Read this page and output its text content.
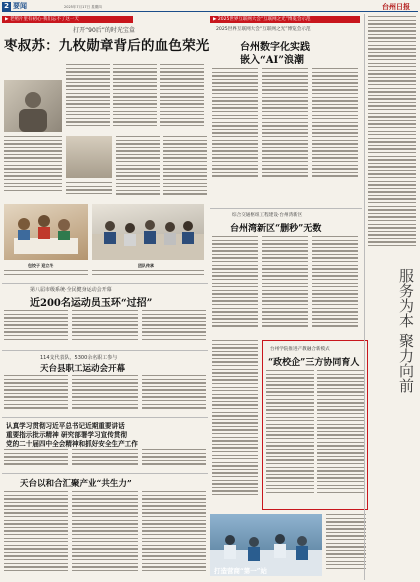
2 要闻	2025年7月17日 星期四	台州日报
▶ 老照片里有初心·我们忘不了这一天
打开“90后”的时光宝盒
枣叔苏：九枚勋章背后的血色荣光
包饺子 迎立冬	团队传承
第八届市级系统·全民健身运动会开幕
近200名运动员玉环“过招”
114支代表队、5300余名职工参与
天台县职工运动会开幕
认真学习贯彻习近平总书记近期重要讲话
重要指示批示精神 研究部署学习宣传贯彻
党的二十届四中全会精神和抓好安全生产工作
天台以和合汇聚产业“共生力”
▶ 2025世界互联网大会“互联网之光”博览会示范
2025世界互联网大会“互联网之光”博览会示范
台州数字化实践
嵌入“AI”浪潮
综合交通枢纽工程建设·台州湾新区
台州湾新区“删秒”无数
台州学院推进产教融合新模式
“政校企”三方协同育人
打造营商“第一”站
服务为本 聚力向前
